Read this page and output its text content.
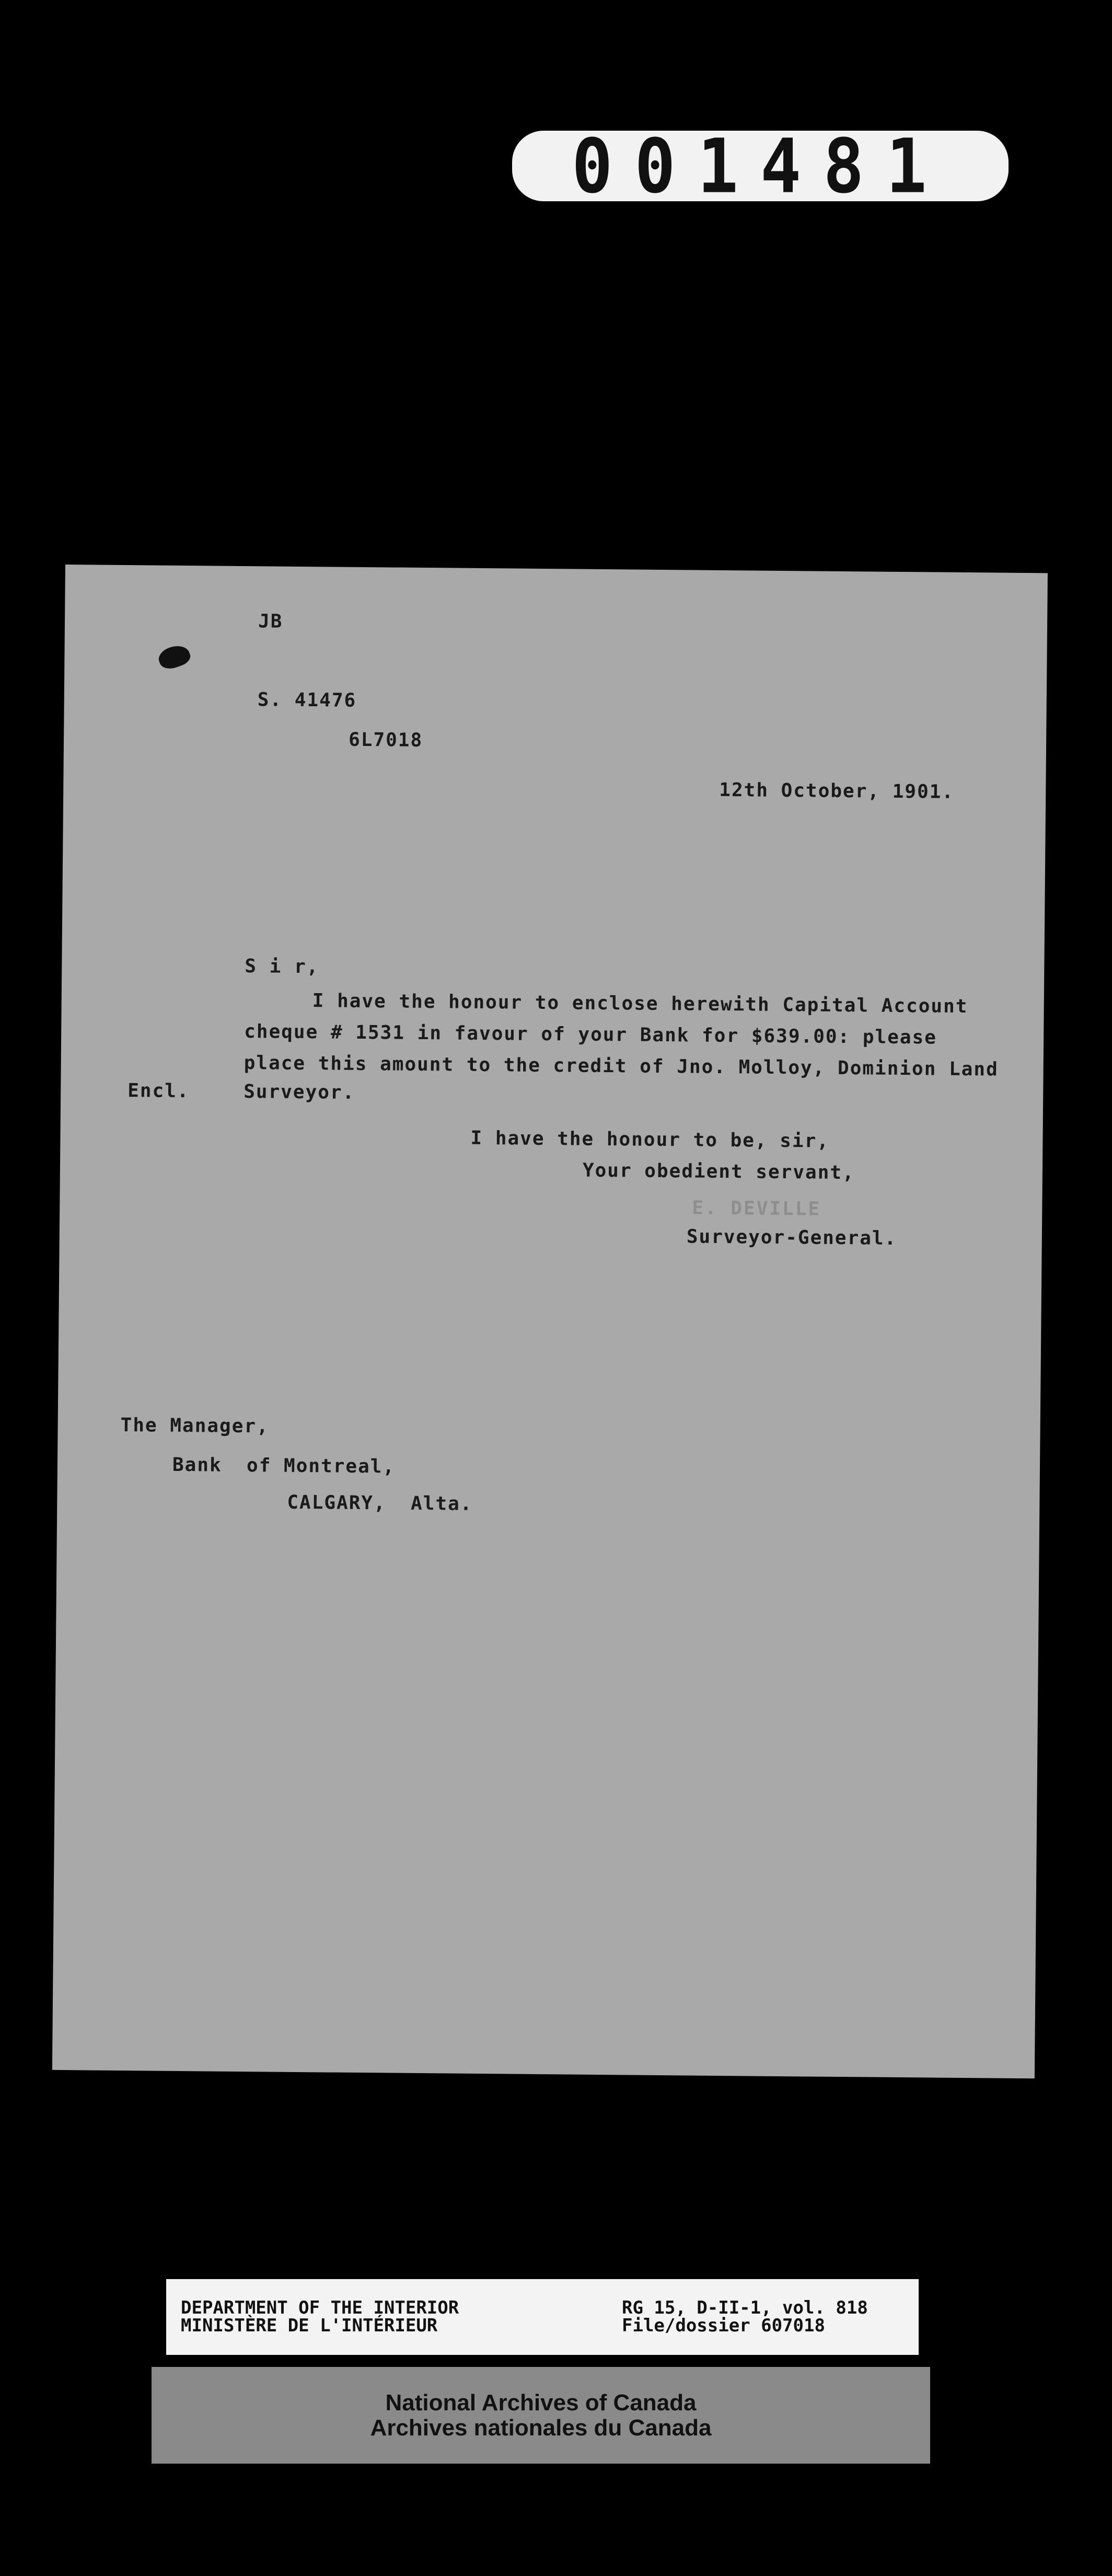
001481
JB
S. 41476
6L7018
12th October, 1901.
S i r,
I have the honour to enclose herewith Capital Account
cheque # 1531 in favour of your Bank for $639.00: please
place this amount to the credit of Jno. Molloy, Dominion Land
Encl.	Surveyor.
I have the honour to be, sir,
Your obedient servant,
E. DEVILLE
Surveyor-General.
The Manager,
Bank  of Montreal,
CALGARY,  Alta.
DEPARTMENT OF THE INTERIOR
MINISTÈRE DE L'INTÉRIEUR
RG 15, D-II-1, vol. 818
File/dossier 607018
National Archives of Canada
Archives nationales du Canada
